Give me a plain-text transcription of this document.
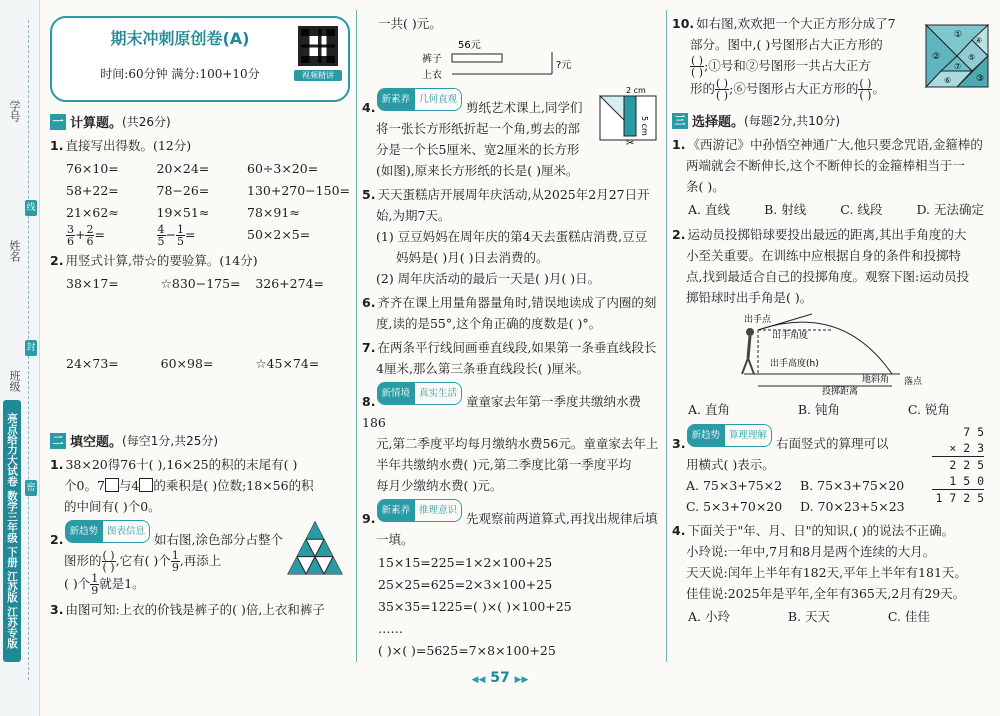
学号
姓名
班级
线
封
密
亮点给力大试卷 数学三年级 下册 江苏版 江苏专版
期末冲刺原创卷(A)
时间:60分钟 满分:100+10分	视频精讲
一 计算题。 (共26分)
1. 直接写出得数。(12分)
76×10=	20×24=	60÷3×20=
58+22=	78−26=	130+270−150=
21×62≈	19×51≈	78×91≈
$\frac{3}{6} + \frac{2}{6}$ =	$\frac{4}{5} - \frac{1}{5}$ =	50×2×5=
2. 用竖式计算,带☆的要验算。(14分)
38×17=	☆830−175=	326+274=
24×73=	60×98=	☆45×74=
二 填空题。 (每空1分,共25分)
1. 38×20得76十( ),16×25的积的末尾有( )
个0。7 与4 的乘积是( )位数;18×56的积
的中间有( )个0。
2.新趋势 图表信息如右图,涂色部分占整个
图形的 $\frac{( )}{( )}$ ,它有( )个 $\frac{1}{9}$ ,再添上
( )个 $\frac{1}{9}$ 就是1。
3. 由图可知:上衣的价钱是裤子的( )倍,上衣和裤子
一共( )元。
56元
裤子
上衣
?元
4.新素养 几何直观剪纸艺术课上,同学们
将一张长方形纸折起一个角,剪去的部
分是一个长5厘米、宽2厘米的长方形
(如图),原来长方形纸的长是( )厘米。
2 cm
5 cm
✂
5. 天天蛋糕店开展周年庆活动,从2025年2月27日开
始,为期7天。
(1) 豆豆妈妈在周年庆的第4天去蛋糕店消费,豆豆
妈妈是( )月( )日去消费的。
(2) 周年庆活动的最后一天是( )月( )日。
6. 齐齐在课上用量角器量角时,错误地读成了内圈的刻
度,读的是55°,这个角正确的度数是( )°。
7. 在两条平行线间画垂直线段,如果第一条垂直线段长
4厘米,那么第三条垂直线段长( )厘米。
8.新情境 真实生活童童家去年第一季度共缴纳水费186
元,第二季度平均每月缴纳水费56元。童童家去年上
半年共缴纳水费( )元,第二季度比第一季度平均
每月少缴纳水费( )元。
9.新素养 推理意识先观察前两道算式,再找出规律后填
一填。
15×15=225=1×2×100+25
25×25=625=2×3×100+25
35×35=1225=( )×( )×100+25
……
( )×( )=5625=7×8×100+25
10. 如右图,欢欢把一个大正方形分成了7
部分。图中,( )号图形占大正方形的

$\frac{( )}{( )}$ ;①号和②号图形一共占大正方
形的 $\frac{( )}{( )}$ ;⑥号图形占大正方形的 $\frac{( )}{( )}$ 。
①
②
④
⑤
⑦
⑥	③
三 选择题。 (每题2分,共10分)
1. 《西游记》中孙悟空神通广大,他只要念咒语,金箍棒的
两端就会不断伸长,这个不断伸长的金箍棒相当于一
条( )。
A. 直线	B. 射线	C. 线段	D. 无法确定
2. 运动员投掷铅球要投出最远的距离,其出手角度的大
小至关重要。在训练中应根据自身的条件和投掷特
点,找到最适合自己的投掷角度。观察下图:运动员投
掷铅球时出手角是( )。
出手点
出手角度
出手高度(h)
地斜角
投掷距离
落点
A. 直角	B. 钝角	C. 锐角
3.新趋势 算理理解右面竖式的算理可以
用横式( )表示。
A. 75×3+75×2 B. 75×3+75×20
C. 5×3+70×20 D. 70×23+5×23
7 5
× 2 3
2 2 5
1 5 0
1 7 2 5
4. 下面关于"年、月、日"的知识,( )的说法不正确。
小玲说:一年中,7月和8月是两个连续的大月。
天天说:闰年上半年有182天,平年上半年有181天。
佳佳说:2025年是平年,全年有365天,2月有29天。
A. 小玲	B. 天天	C. 佳佳
◀◀ 57 ▶▶
